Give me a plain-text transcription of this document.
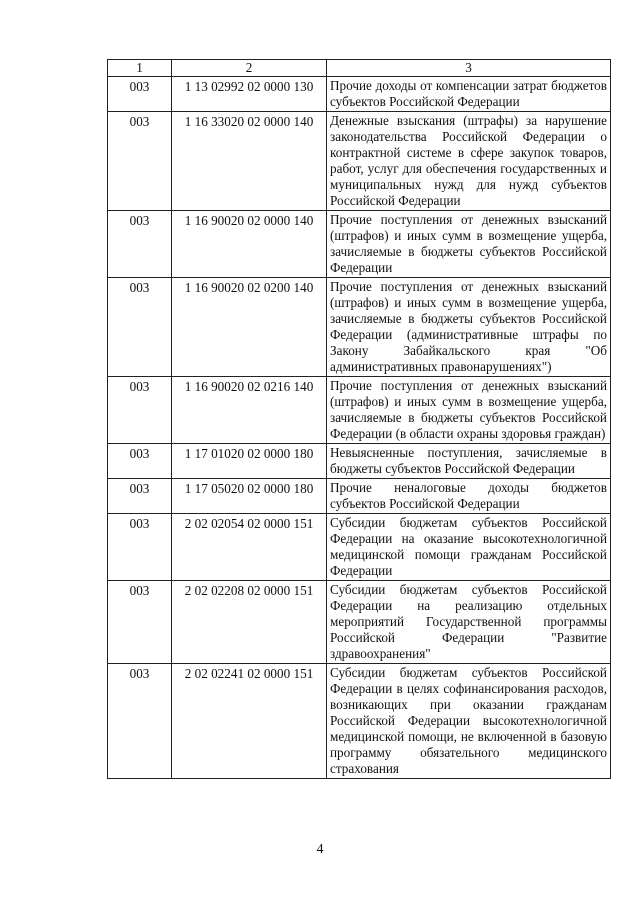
1	2	3
003	1 13 02992 02 0000 130	Прочие доходы от компенсации затрат бюджетов субъектов Российской Федерации
003	1 16 33020 02 0000 140	Денежные взыскания (штрафы) за нарушение законодательства Российской Федерации о контрактной системе в сфере закупок товаров, работ, услуг для обеспечения государственных и муниципальных нужд для нужд субъектов Российской Федерации
003	1 16 90020 02 0000 140	Прочие поступления от денежных взысканий (штрафов) и иных сумм в возмещение ущерба, зачисляемые в бюджеты субъектов Российской Федерации
003	1 16 90020 02 0200 140	Прочие поступления от денежных взысканий (штрафов) и иных сумм в возмещение ущерба, зачисляемые в бюджеты субъектов Российской Федерации (административные штрафы по Закону Забайкальского края "Об административных правонарушениях")
003	1 16 90020 02 0216 140	Прочие поступления от денежных взысканий (штрафов) и иных сумм в возмещение ущерба, зачисляемые в бюджеты субъектов Российской Федерации (в области охраны здоровья граждан)
003	1 17 01020 02 0000 180	Невыясненные поступления, зачисляемые в бюджеты субъектов Российской Федерации
003	1 17 05020 02 0000 180	Прочие неналоговые доходы бюджетов субъектов Российской Федерации
003	2 02 02054 02 0000 151	Субсидии бюджетам субъектов Российской Федерации на оказание высокотехнологичной медицинской помощи гражданам Российской Федерации
003	2 02 02208 02 0000 151	Субсидии бюджетам субъектов Российской Федерации на реализацию отдельных мероприятий Государственной программы Российской Федерации "Развитие здравоохранения"
003	2 02 02241 02 0000 151	Субсидии бюджетам субъектов Российской Федерации в целях софинансирования расходов, возникающих при оказании гражданам Российской Федерации высокотехнологичной медицинской помощи, не включенной в базовую программу обязательного медицинского страхования
4
